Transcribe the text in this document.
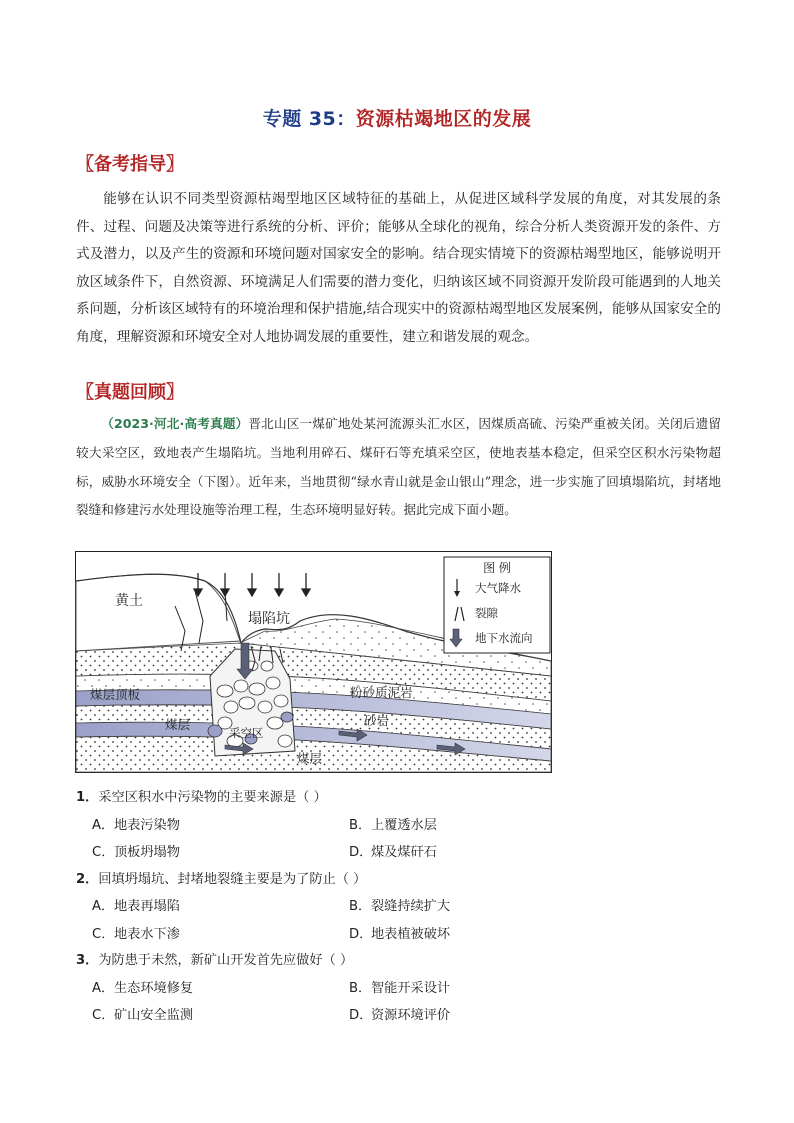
专题 35：资源枯竭地区的发展
〖备考指导〗
能够在认识不同类型资源枯竭型地区区域特征的基础上，从促进区域科学发展的角度，对其发展的条件、过程、问题及决策等进行系统的分析、评价；能够从全球化的视角，综合分析人类资源开发的条件、方式及潜力，以及产生的资源和环境问题对国家安全的影响。结合现实情境下的资源枯竭型地区，能够说明开放区域条件下，自然资源、环境满足人们需要的潜力变化，归纳该区域不同资源开发阶段可能遇到的人地关系问题，分析该区域特有的环境治理和保护措施,结合现实中的资源枯竭型地区发展案例，能够从国家安全的角度，理解资源和环境安全对人地协调发展的重要性，建立和谐发展的观念。
〖真题回顾〗
（2023·河北·高考真题）晋北山区一煤矿地处某河流源头汇水区，因煤质高硫、污染严重被关闭。关闭后遗留较大采空区，致地表产生塌陷坑。当地利用碎石、煤矸石等充填采空区，使地表基本稳定，但采空区积水污染物超标，威胁水环境安全（下图）。近年来，当地贯彻“绿水青山就是金山银山”理念，进一步实施了回填塌陷坑，封堵地裂缝和修建污水处理设施等治理工程，生态环境明显好转。据此完成下面小题。
图 例
大气降水
裂隙
地下水流向
黄土
塌陷坑
粉砂质泥岩
煤层顶板
砂岩
煤层
煤层
采空区
1．采空区积水中污染物的主要来源是（ ）
A．地表污染物	B．上覆透水层
C．顶板坍塌物	D．煤及煤矸石
2．回填坍塌坑、封堵地裂缝主要是为了防止（ ）
A．地表再塌陷	B．裂缝持续扩大
C．地表水下渗	D．地表植被破坏
3．为防患于未然，新矿山开发首先应做好（ ）
A．生态环境修复	B．智能开采设计
C．矿山安全监测	D．资源环境评价
